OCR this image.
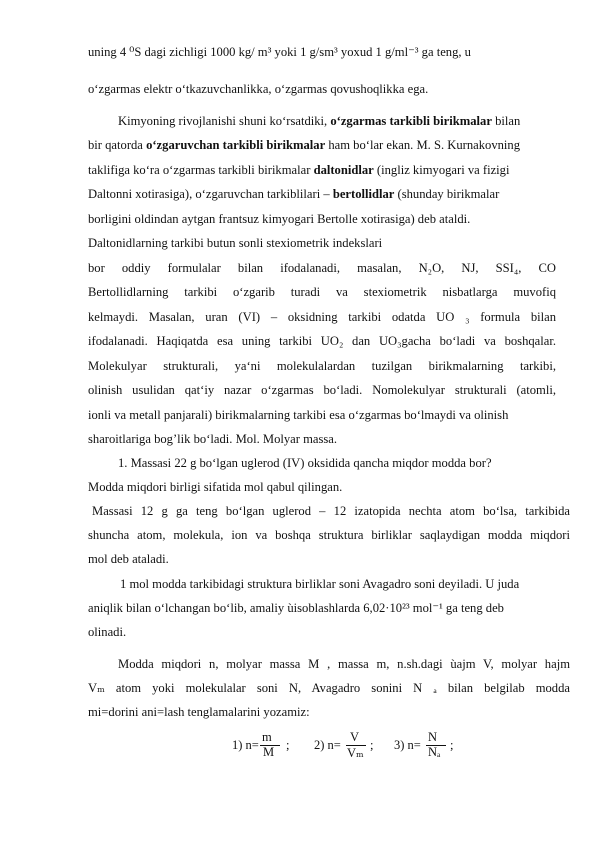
uning 4 ⁰S dagi zichligi 1000 kg/ m³ yoki 1 g/sm³ yoxud 1 g/ml⁻³ ga teng, u
o‘zgarmas elektr o‘tkazuvchanlikka, o‘zgarmas qovushoqlikka ega.
Kimyoning rivojlanishi shuni ko‘rsatdiki, o‘zgarmas tarkibli birikmalar bilan
bir qatorda o‘zgaruvchan tarkibli birikmalar ham bo‘lar ekan. M. S. Kurnakovning
taklifiga ko‘ra o‘zgarmas tarkibli birikmalar daltonidlar (ingliz kimyogari va fizigi
Daltonni xotirasiga), o‘zgaruvchan tarkiblilari – bertollidlar (shunday birikmalar
borligini oldindan aytgan frantsuz kimyogari Bertolle xotirasiga) deb ataldi.
Daltonidlarning tarkibi butun sonli stexiometrik indekslari
bor oddiy formulalar bilan ifodalanadi, masalan, N₂O, NJ, SSI₄, CO
Bertollidlarning tarkibi o‘zgarib turadi va stexiometrik nisbatlarga muvofiq
kelmaydi. Masalan, uran (VI) – oksidning tarkibi odatda UO ₃ formula bilan
ifodalanadi. Haqiqatda esa uning tarkibi UO₂ dan UO₃gacha bo‘ladi va boshqalar.
Molekulyar strukturali, ya‘ni molekulalardan tuzilgan birikmalarning tarkibi,
olinish usulidan qat‘iy nazar o‘zgarmas bo‘ladi. Nomolekulyar strukturali (atomli,
ionli va metall panjarali) birikmalarning tarkibi esa o‘zgarmas bo‘lmaydi va olinish
sharoitlariga bog’lik bo‘ladi. Mol. Molyar massa.
1. Massasi 22 g bo‘lgan uglerod (IV) oksidida qancha miqdor modda bor?
Modda miqdori birligi sifatida mol qabul qilingan.
Massasi 12 g ga teng bo‘lgan uglerod – 12 izatopida nechta atom bo‘lsa, tarkibida
shuncha atom, molekula, ion va boshqa struktura birliklar saqlaydigan modda miqdori
mol deb ataladi.
1 mol modda tarkibidagi struktura birliklar soni Avagadro soni deyiladi. U juda
aniqlik bilan o‘lchangan bo‘lib, amaliy ùisoblashlarda 6,02·10²³ mol⁻¹ ga teng deb
olinadi.
Modda miqdori n, molyar massa M , massa m, n.sh.dagi ùajm V, molyar hajm
Vₘ atom yoki molekulalar soni N, Avagadro sonini N ₐ bilan belgilab modda
mi=dorini ani=lash tenglamalarini yozamiz:
1) n=
m
M ; 2) n=
V
Vₘ
; 3) n=
N
Nₐ ;
